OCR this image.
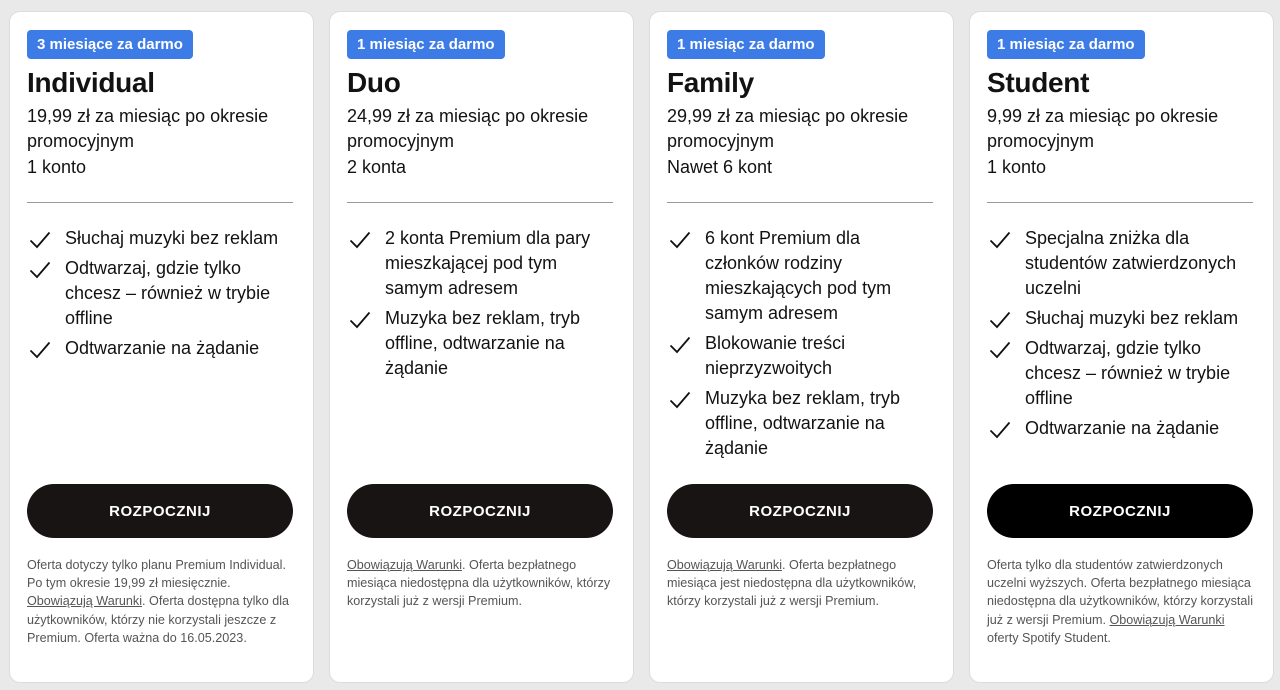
3 miesiące za darmo
Individual
19,99 zł za miesiąc po okresie promocyjnym
1 konto
Słuchaj muzyki bez reklam
Odtwarzaj, gdzie tylko chcesz – również w trybie offline
Odtwarzanie na żądanie
ROZPOCZNIJ

Oferta dotyczy tylko planu Premium Individual. Po tym okresie 19,99 zł miesięcznie. Obowiązują Warunki. Oferta dostępna tylko dla użytkowników, którzy nie korzystali jeszcze z Premium. Oferta ważna do 16.05.2023.

1 miesiąc za darmo
Duo
24,99 zł za miesiąc po okresie promocyjnym
2 konta
2 konta Premium dla pary mieszkającej pod tym samym adresem
Muzyka bez reklam, tryb offline, odtwarzanie na żądanie
ROZPOCZNIJ

Obowiązują Warunki. Oferta bezpłatnego miesiąca niedostępna dla użytkowników, którzy korzystali już z wersji Premium.

1 miesiąc za darmo
Family
29,99 zł za miesiąc po okresie promocyjnym
Nawet 6 kont
6 kont Premium dla członków rodziny mieszkających pod tym samym adresem
Blokowanie treści nieprzyzwoitych
Muzyka bez reklam, tryb offline, odtwarzanie na żądanie
ROZPOCZNIJ

Obowiązują Warunki. Oferta bezpłatnego miesiąca jest niedostępna dla użytkowników, którzy korzystali już z wersji Premium.

1 miesiąc za darmo
Student
9,99 zł za miesiąc po okresie promocyjnym
1 konto
Specjalna zniżka dla studentów zatwierdzonych uczelni
Słuchaj muzyki bez reklam
Odtwarzaj, gdzie tylko chcesz – również w trybie offline
Odtwarzanie na żądanie
ROZPOCZNIJ

Oferta tylko dla studentów zatwierdzonych uczelni wyższych. Oferta bezpłatnego miesiąca niedostępna dla użytkowników, którzy korzystali już z wersji Premium. Obowiązują Warunki oferty Spotify Student.
